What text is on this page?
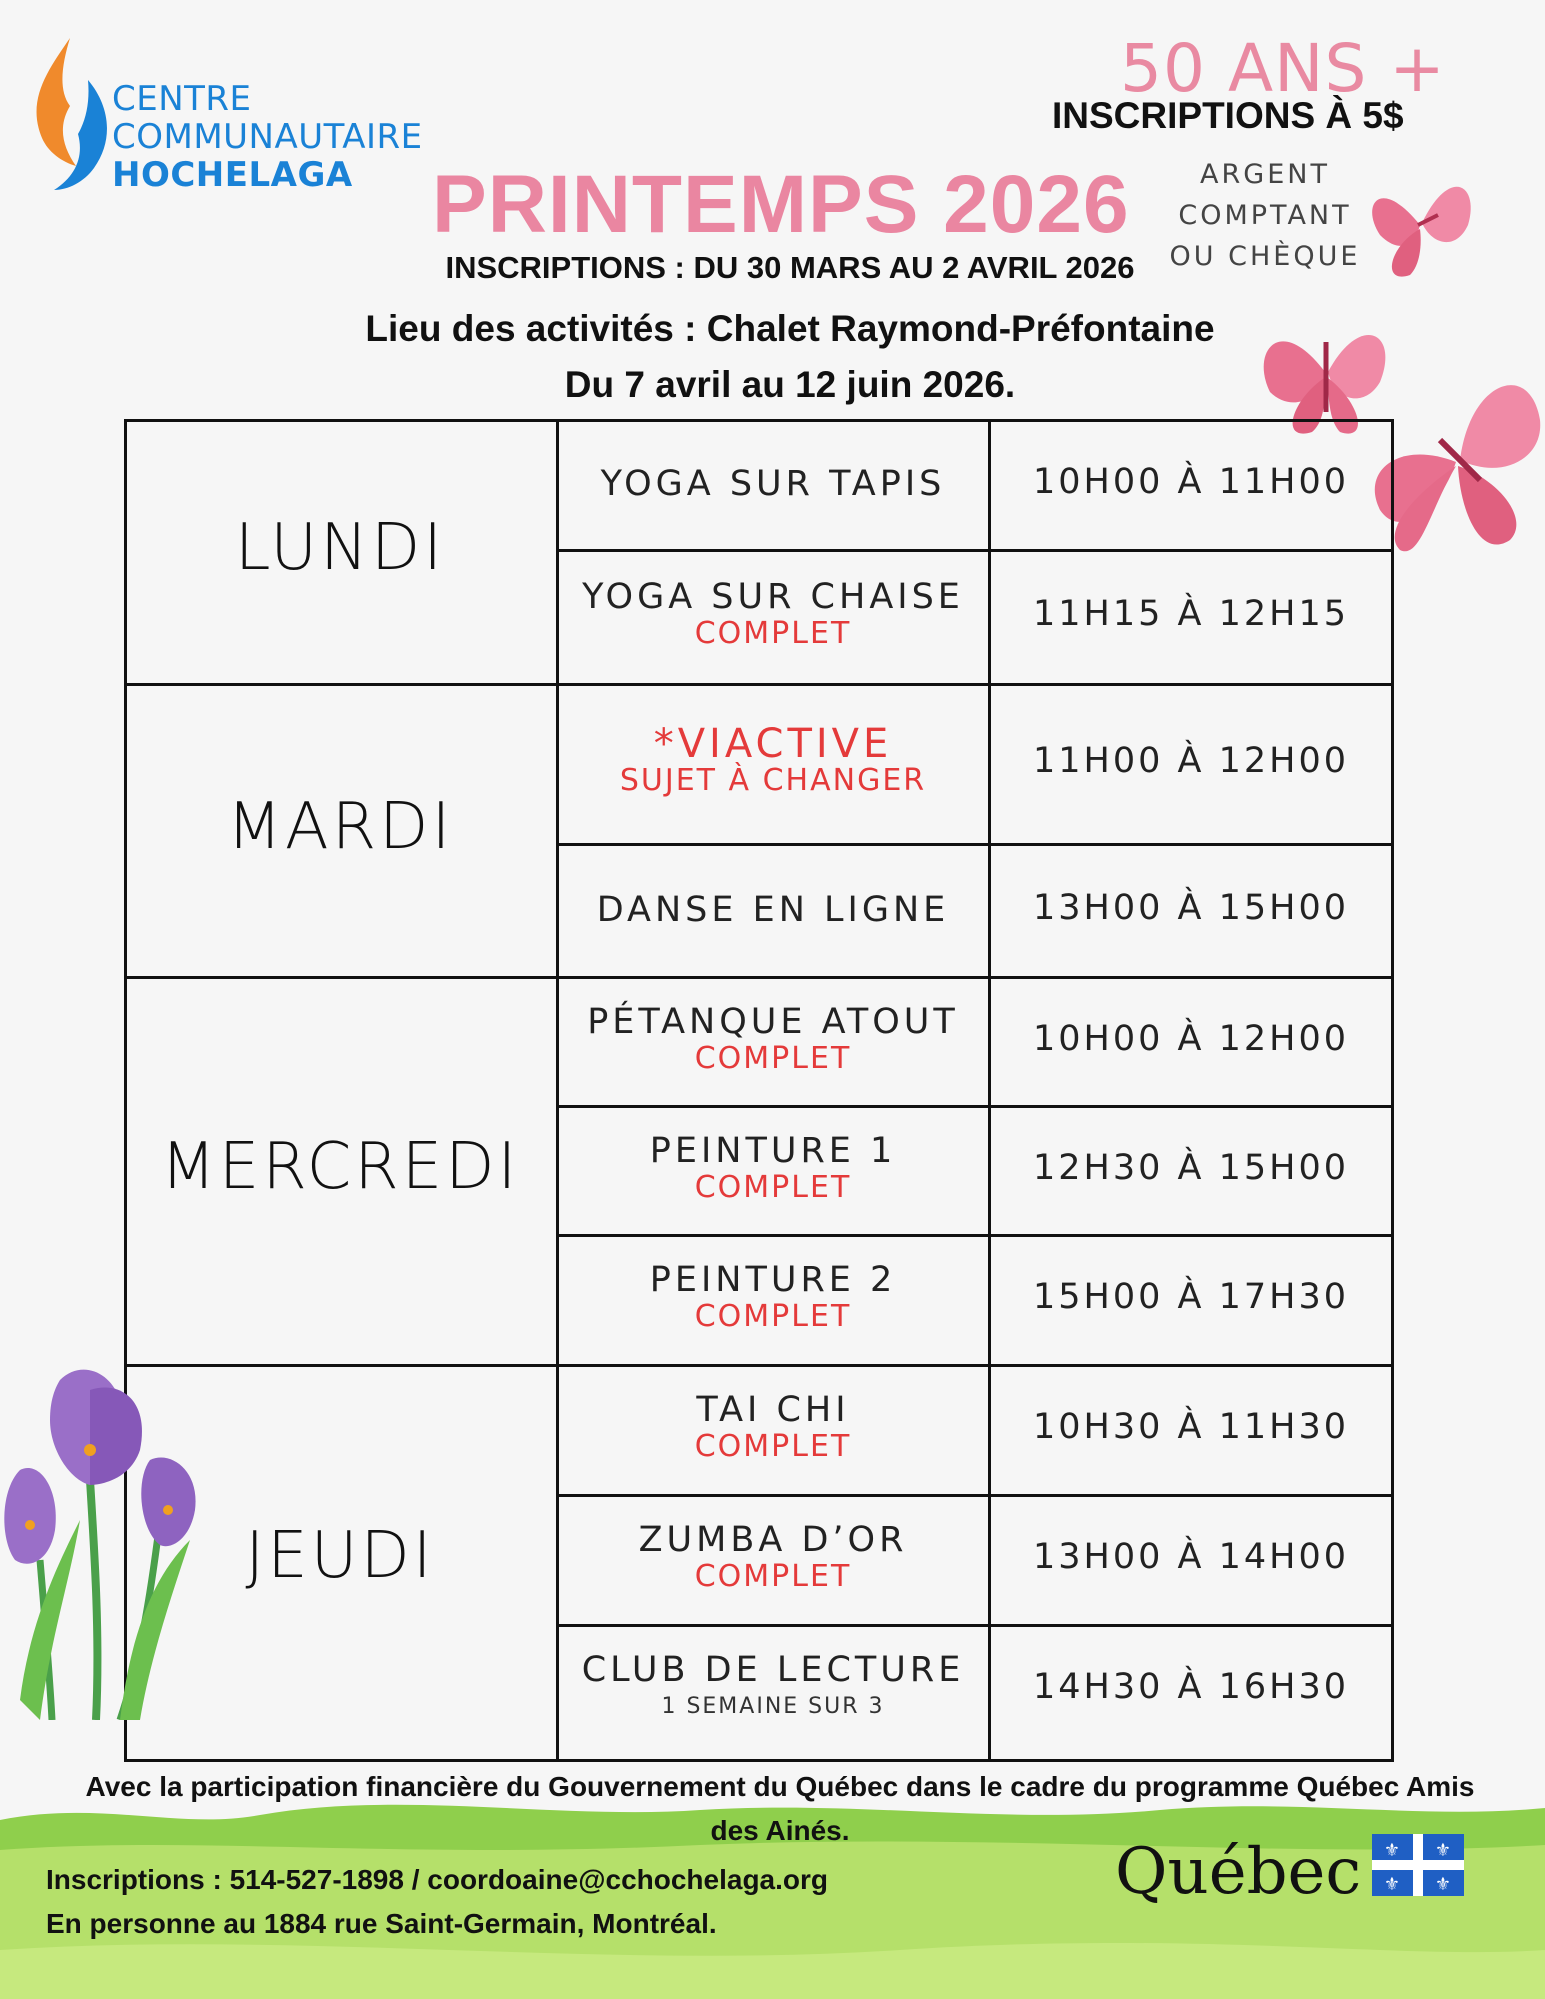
CENTRE
COMMUNAUTAIRE
HOCHELAGA
50 ANS +
INSCRIPTIONS À 5$
ARGENT COMPTANT
OU CHÈQUE
PRINTEMPS 2026
INSCRIPTIONS : DU 30 MARS AU 2 AVRIL 2026
Lieu des activités : Chalet Raymond-Préfontaine
Du 7 avril au 12 juin 2026.
LUNDI
YOGA SUR TAPIS	10H00 À 11H00
YOGA SUR CHAISE
COMPLET	11H15 À 12H15
MARDI
*VIACTIVE
SUJET À CHANGER	11H00 À 12H00
DANSE EN LIGNE	13H00 À 15H00
MERCREDI
PÉTANQUE ATOUT
COMPLET	10H00 À 12H00
PEINTURE 1
COMPLET	12H30 À 15H00
PEINTURE 2
COMPLET	15H00 À 17H30
JEUDI
TAI CHI
COMPLET	10H30 À 11H30
ZUMBA D’OR
COMPLET	13H00 À 14H00
CLUB DE LECTURE
1 SEMAINE SUR 3	14H30 À 16H30
Avec la participation financière du Gouvernement du Québec dans le cadre du programme Québec Amis
des Ainés.
Inscriptions : 514-527-1898 / coordoaine@cchochelaga.org
En personne au 1884 rue Saint-Germain, Montréal.
Québec ⚜ ⚜
⚜ ⚜
